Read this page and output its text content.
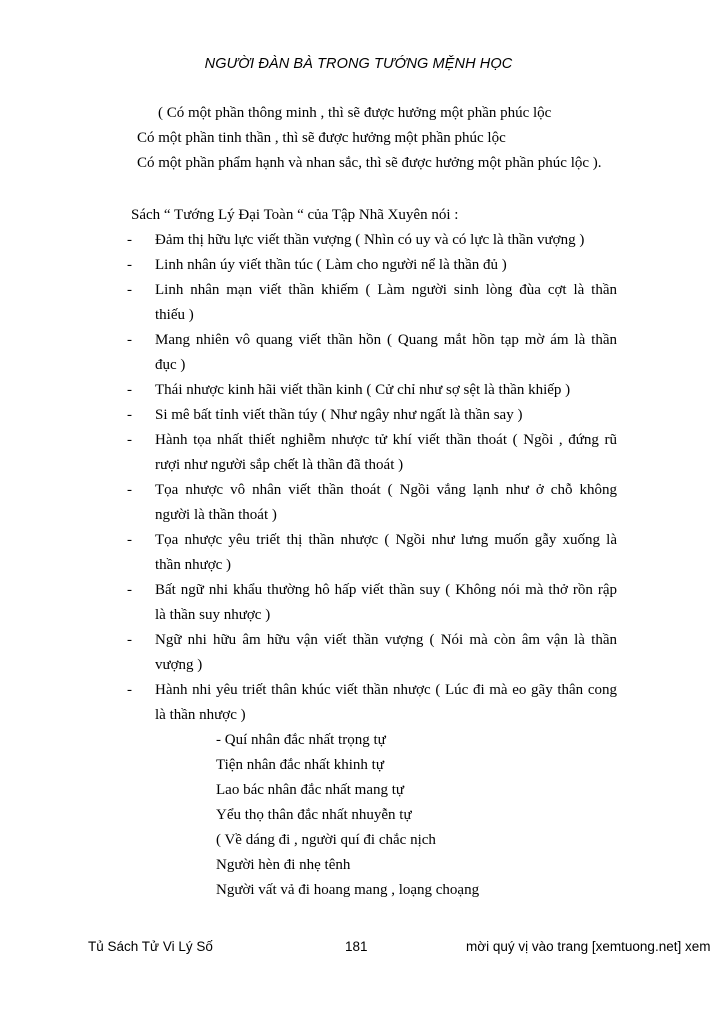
NGƯỜI ĐÀN BÀ TRONG TƯỚNG MỆNH HỌC
( Có một phần thông minh , thì sẽ được hưởng một phần phúc lộc
Có một phần tinh thần , thì sẽ được hưởng một phần phúc lộc
Có một phần phẩm hạnh và nhan sắc, thì sẽ được hưởng một phần phúc lộc ).
Sách “ Tướng Lý Đại Toàn “ của Tập Nhã Xuyên nói :
- Đảm thị hữu lực viết thần vượng ( Nhìn có uy và có lực là thần vượng )
- Linh nhân úy viết thần túc ( Làm cho người nể là thần đủ )
- Linh nhân mạn viết thần khiếm ( Làm người sinh lòng đùa cợt là thần
thiếu )
- Mang nhiên vô quang viết thần hồn ( Quang mắt hồn tạp mờ ám là thần
đục )
- Thái nhược kinh hãi viết thần kinh ( Cử chỉ như sợ sệt là thần khiếp )
- Si mê bất tỉnh viết thần túy ( Như ngây như ngất là thần say )
- Hành tọa nhất thiết nghiễm nhược tử khí viết thần thoát ( Ngồi , đứng rũ
rượi như người sắp chết là thần đã thoát )
- Tọa nhược vô nhân viết thần thoát ( Ngồi vắng lạnh như ở chỗ không
người là thần thoát )
- Tọa nhược yêu triết thị thần nhược ( Ngồi như lưng muốn gẫy xuống là
thần nhược )
- Bất ngữ nhi khẩu thường hô hấp viết thần suy ( Không nói mà thở rồn rập
là thần suy nhược )
- Ngữ nhi hữu âm hữu vận viết thần vượng ( Nói mà còn âm vận là thần
vượng )
- Hành nhi yêu triết thân khúc viết thần nhược ( Lúc đi mà eo gãy thân cong
là thần nhược )
- Quí nhân đắc nhất trọng tự
Tiện nhân đắc nhất khinh tự
Lao bác nhân đắc nhất mang tự
Yểu thọ thân đắc nhất nhuyễn tự
( Về dáng đi , người quí đi chắc nịch
Người hèn đi nhẹ tênh
Người vất vả đi hoang mang , loạng choạng
Tủ Sách Tử Vi Lý Số	181	mời quý vị vào trang [xemtuong.net] xem
